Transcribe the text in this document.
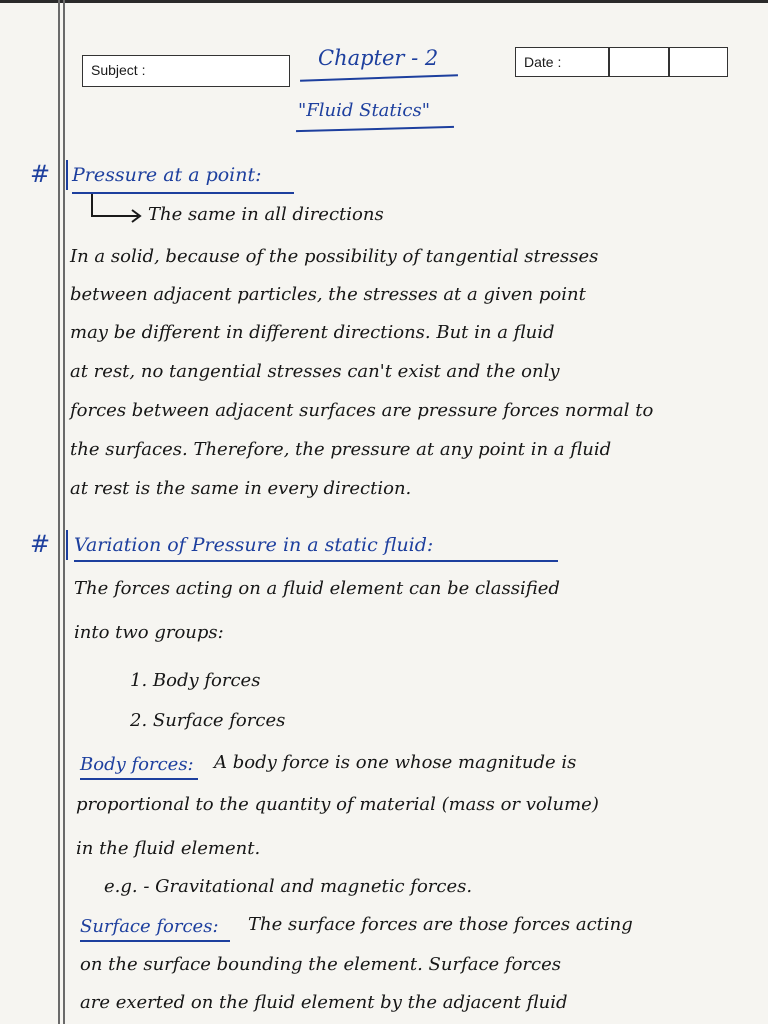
Subject :	Date :
Chapter - 2
"Fluid Statics"
# Pressure at a point:
The same in all directions
In a solid, because of the possibility of tangential stresses
between adjacent particles, the stresses at a given point
may be different in different directions. But in a fluid
at rest, no tangential stresses can't exist and the only
forces between adjacent surfaces are pressure forces normal to
the surfaces. Therefore, the pressure at any point in a fluid
at rest is the same in every direction.
# Variation of Pressure in a static fluid:
The forces acting on a fluid element can be classified
into two groups:
1. Body forces
2. Surface forces
Body forces: A body force is one whose magnitude is
proportional to the quantity of material (mass or volume)
in the fluid element.
e.g. - Gravitational and magnetic forces.
Surface forces: The surface forces are those forces acting
on the surface bounding the element. Surface forces
are exerted on the fluid element by the adjacent fluid
